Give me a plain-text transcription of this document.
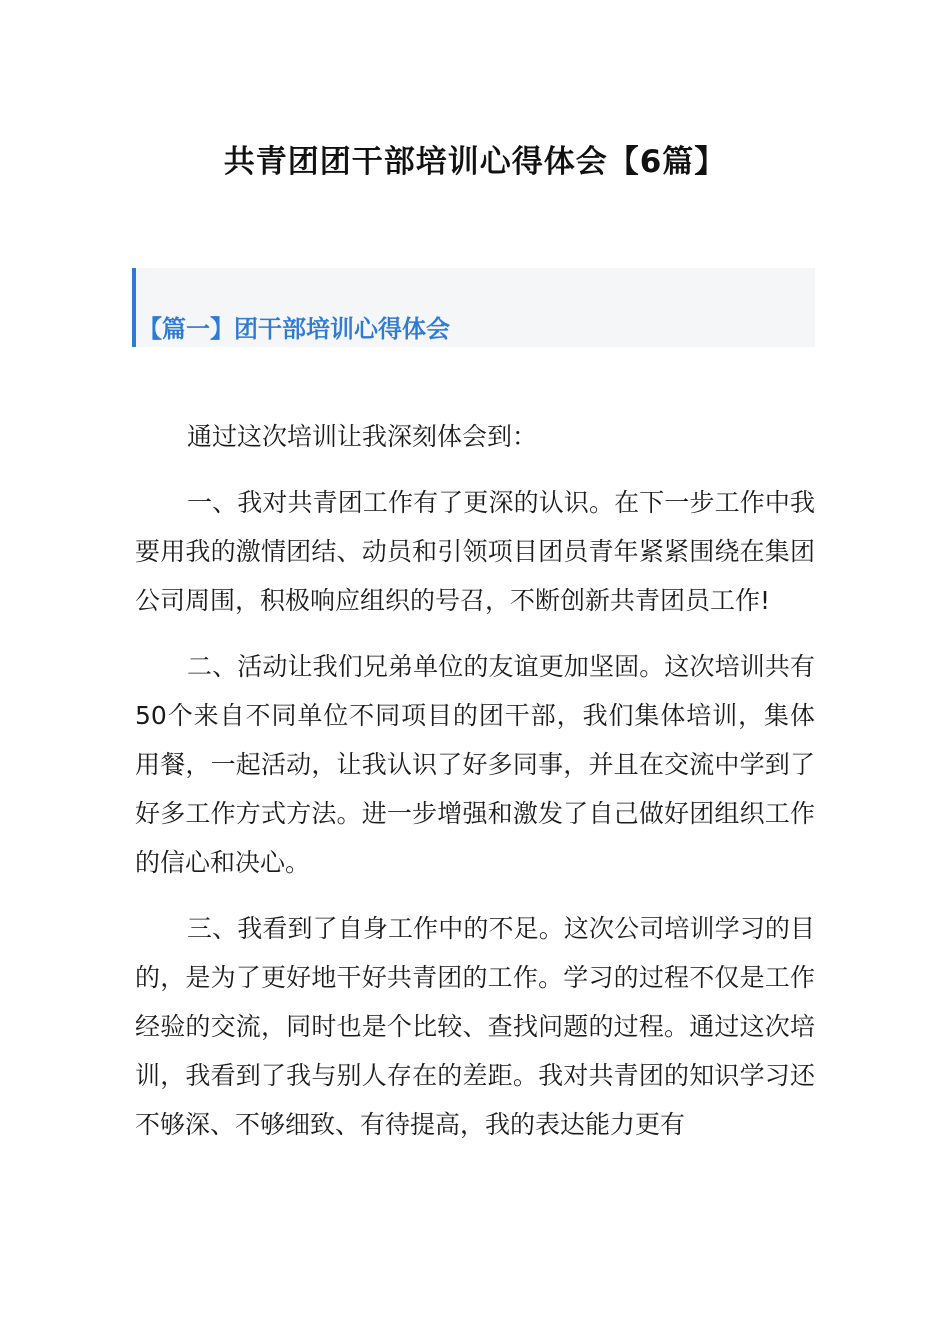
共青团团干部培训心得体会【6篇】
【篇一】团干部培训心得体会

通过这次培训让我深刻体会到：

一、我对共青团工作有了更深的认识。在下一步工作中我要用我的激情团结、动员和引领项目团员青年紧紧围绕在集团公司周围，积极响应组织的号召，不断创新共青团员工作!

二、活动让我们兄弟单位的友谊更加坚固。这次培训共有50个来自不同单位不同项目的团干部，我们集体培训，集体用餐，一起活动，让我认识了好多同事，并且在交流中学到了好多工作方式方法。进一步增强和激发了自己做好团组织工作的信心和决心。

三、我看到了自身工作中的不足。这次公司培训学习的目的，是为了更好地干好共青团的工作。学习的过程不仅是工作经验的交流，同时也是个比较、查找问题的过程。通过这次培训，我看到了我与别人存在的差距。我对共青团的知识学习还不够深、不够细致、有待提高，我的表达能力更有
